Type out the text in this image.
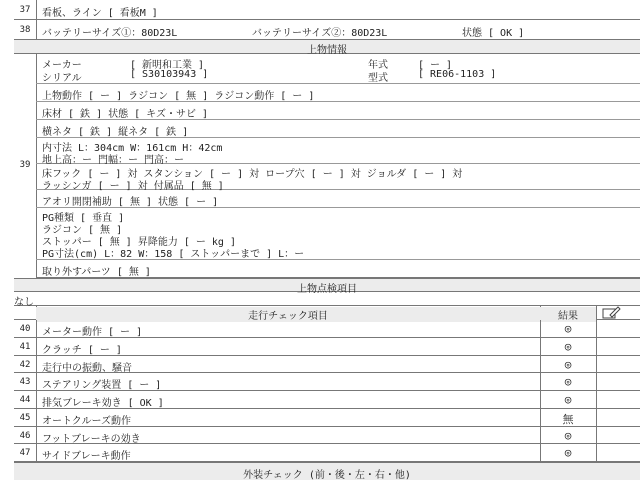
37	看板、ライン [ 看板M ]
38	バッテリーサイズ①：80D23L	バッテリーサイズ②：80D23L	状態 [ OK ]
上物情報
39
メーカー	[ 新明和工業 ]	年式	[ ー ]
シリアル	[ S30103943 ]	型式	[ RE06-1103 ]
上物動作 [ ー ] ラジコン [ 無 ] ラジコン動作 [ ー ]
床材 [ 鉄 ] 状態 [ キズ・サビ ]
横ネタ [ 鉄 ] 縦ネタ [ 鉄 ]
内寸法 L：304cm W：161cm H：42cm
地上高：ー 門幅：ー 門高：ー
床フック [ ー ] 対 スタンション [ ー ] 対 ロープ穴 [ ー ] 対 ジョルダ [ ー ] 対
ラッシンガ [ ー ] 対 付属品 [ 無 ]
アオリ開閉補助 [ 無 ] 状態 [ ー ]
PG種類 [ 垂直 ]
ラジコン [ 無 ]
ストッパー [ 無 ] 昇降能力 [ ー kg ]
PG寸法(cm) L：82 W：158 [ ストッパーまで ] L：ー
取り外すパーツ [ 無 ]
上物点検項目
なし
走行チェック項目	結果
40	メーター動作 [ ー ]	◎
41	クラッチ [ ー ]	◎
42	走行中の振動、騒音	◎
43	ステアリング装置 [ ー ]	◎
44	排気ブレーキ効き [ OK ]	◎
45	オートクルーズ動作	無
46	フットブレーキの効き	◎
47	サイドブレーキ動作	◎
外装チェック (前・後・左・右・他)
